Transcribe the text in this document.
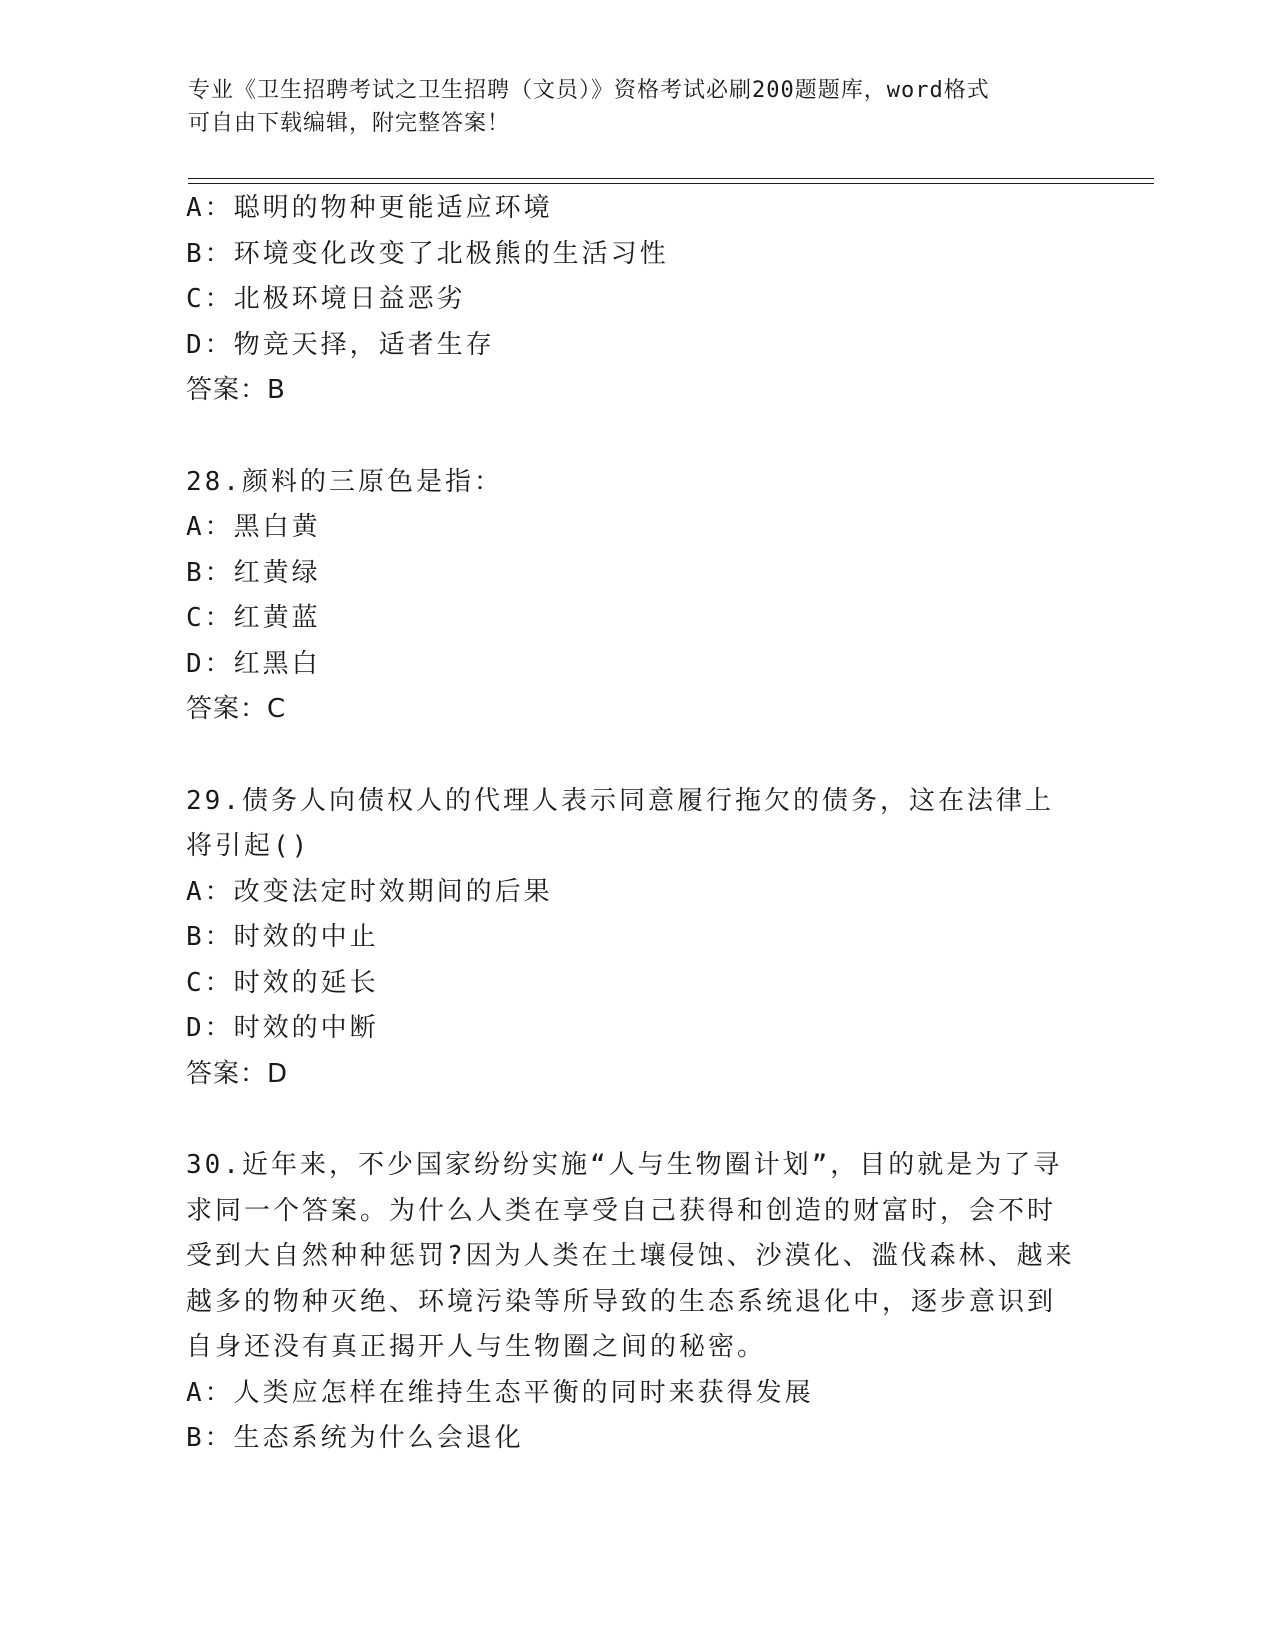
专业《卫生招聘考试之卫生招聘（文员）》资格考试必刷200题题库，word格式
可自由下载编辑，附完整答案！
A：聪明的物种更能适应环境
B：环境变化改变了北极熊的生活习性
C：北极环境日益恶劣
D：物竞天择，适者生存
答案：B
28.颜料的三原色是指：
A：黑白黄
B：红黄绿
C：红黄蓝
D：红黑白
答案：C
29.债务人向债权人的代理人表示同意履行拖欠的债务，这在法律上将引起()
A：改变法定时效期间的后果
B：时效的中止
C：时效的延长
D：时效的中断
答案：D
30.近年来，不少国家纷纷实施“人与生物圈计划”，目的就是为了寻求同一个答案。为什么人类在享受自己获得和创造的财富时，会不时受到大自然种种惩罚?因为人类在土壤侵蚀、沙漠化、滥伐森林、越来越多的物种灭绝、环境污染等所导致的生态系统退化中，逐步意识到自身还没有真正揭开人与生物圈之间的秘密。
A：人类应怎样在维持生态平衡的同时来获得发展
B：生态系统为什么会退化
